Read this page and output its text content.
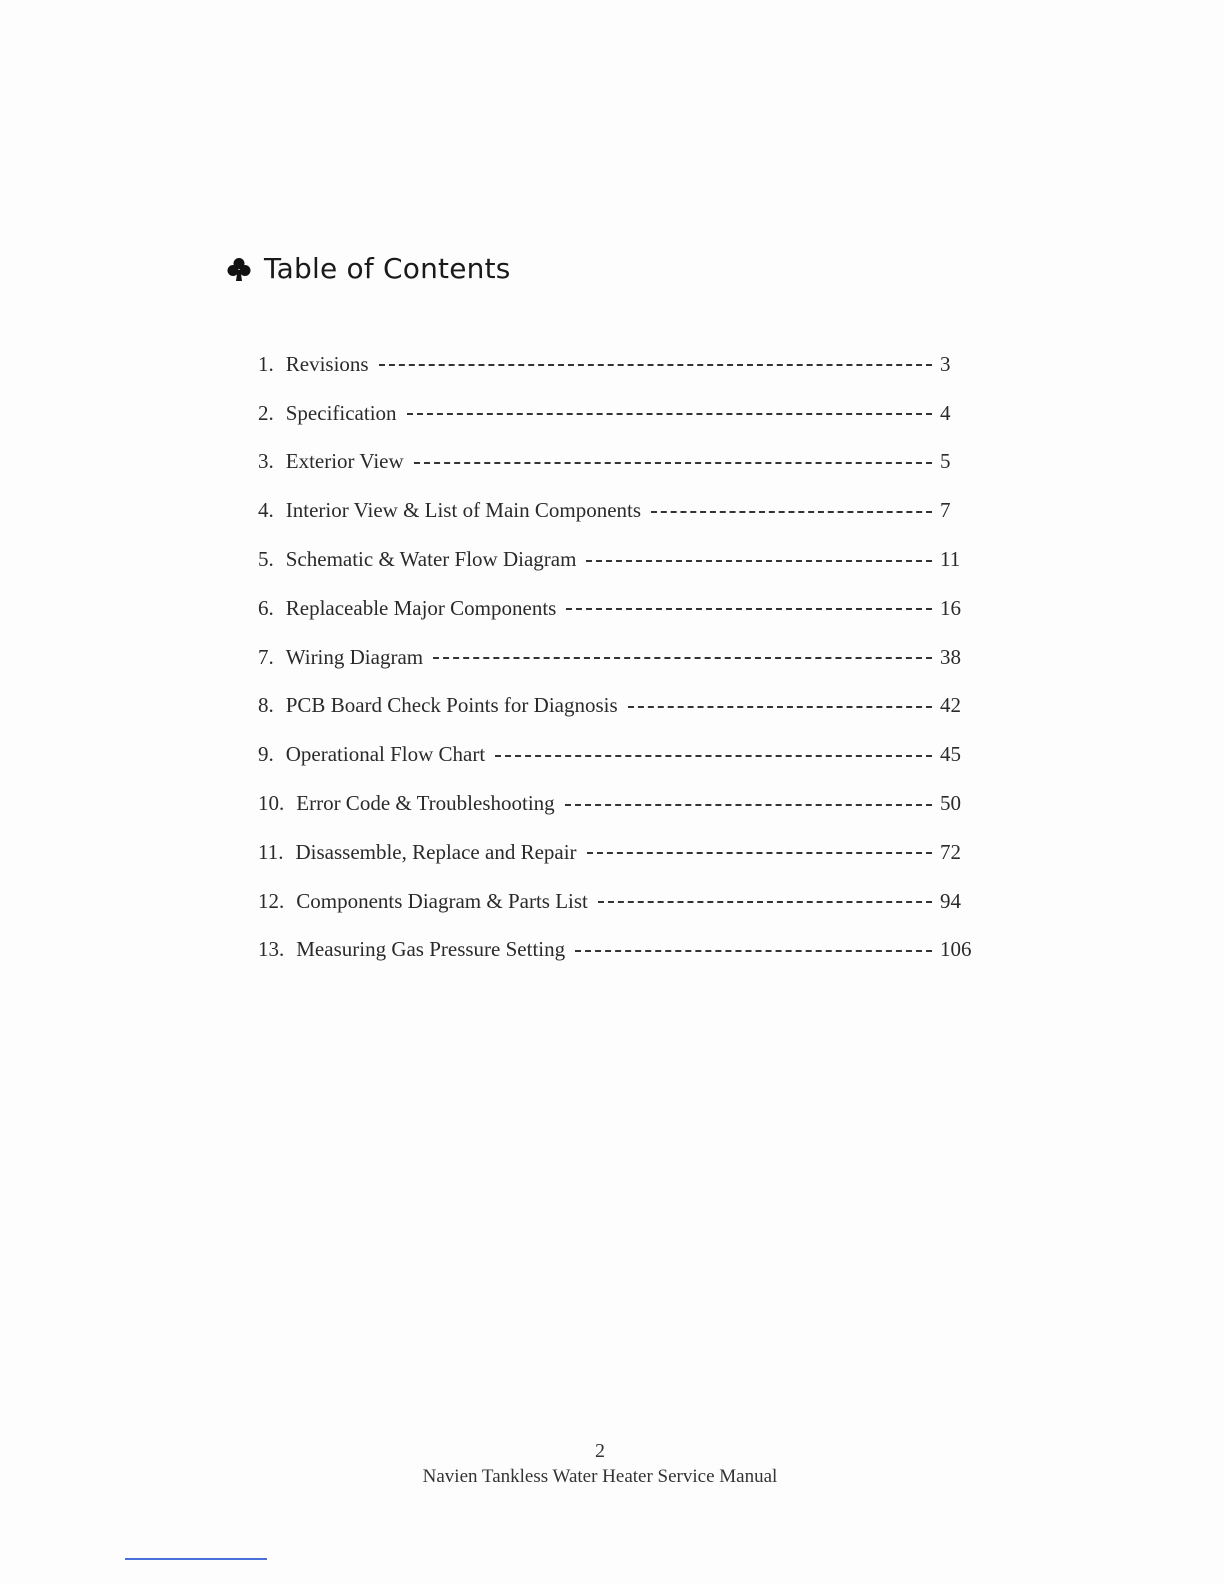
Table of Contents
1. Revisions	3
2. Specification	4
3. Exterior View	5
4. Interior View & List of Main Components	7
5. Schematic & Water Flow Diagram	11
6. Replaceable Major Components	16
7. Wiring Diagram	38
8. PCB Board Check Points for Diagnosis	42
9. Operational Flow Chart	45
10. Error Code & Troubleshooting	50
11. Disassemble, Replace and Repair	72
12. Components Diagram & Parts List	94
13. Measuring Gas Pressure Setting	106
2
Navien Tankless Water Heater Service Manual
